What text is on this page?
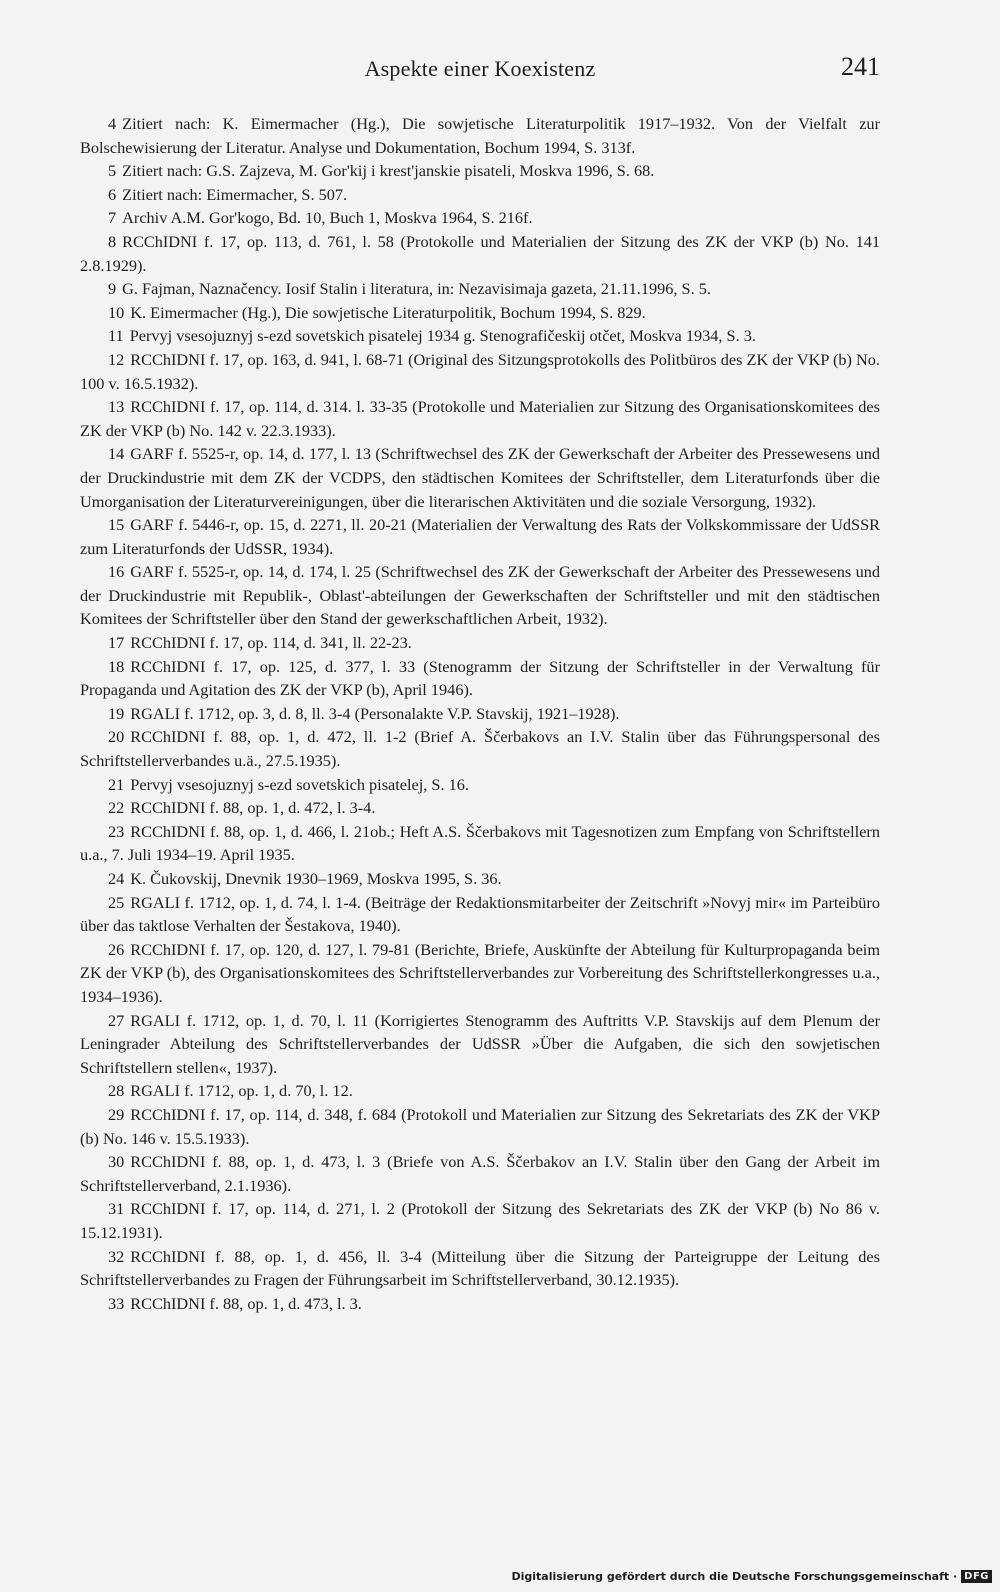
Aspekte einer Koexistenz	241

4 Zitiert nach: K. Eimermacher (Hg.), Die sowjetische Literaturpolitik 1917–1932. Von der Vielfalt zur Bolschewisierung der Literatur. Analyse und Dokumentation, Bochum 1994, S. 313f.

5 Zitiert nach: G.S. Zajzeva, M. Gor'kij i krest'janskie pisateli, Moskva 1996, S. 68.

6 Zitiert nach: Eimermacher, S. 507.

7 Archiv A.M. Gor'kogo, Bd. 10, Buch 1, Moskva 1964, S. 216f.

8 RCChIDNI f. 17, op. 113, d. 761, l. 58 (Protokolle und Materialien der Sitzung des ZK der VKP (b) No. 141 2.8.1929).

9 G. Fajman, Naznačency. Iosif Stalin i literatura, in: Nezavisimaja gazeta, 21.11.1996, S. 5.

10 K. Eimermacher (Hg.), Die sowjetische Literaturpolitik, Bochum 1994, S. 829.

11 Pervyj vsesojuznyj s-ezd sovetskich pisatelej 1934 g. Stenografičeskij otčet, Moskva 1934, S. 3.

12 RCChIDNI f. 17, op. 163, d. 941, l. 68-71 (Original des Sitzungsprotokolls des Politbüros des ZK der VKP (b) No. 100 v. 16.5.1932).

13 RCChIDNI f. 17, op. 114, d. 314. l. 33-35 (Protokolle und Materialien zur Sitzung des Organisationskomitees des ZK der VKP (b) No. 142 v. 22.3.1933).

14 GARF f. 5525-r, op. 14, d. 177, l. 13 (Schriftwechsel des ZK der Gewerkschaft der Arbeiter des Pressewesens und der Druckindustrie mit dem ZK der VCDPS, den städtischen Komitees der Schriftsteller, dem Literaturfonds über die Umorganisation der Literaturvereinigungen, über die literarischen Aktivitäten und die soziale Versorgung, 1932).

15 GARF f. 5446-r, op. 15, d. 2271, ll. 20-21 (Materialien der Verwaltung des Rats der Volkskommissare der UdSSR zum Literaturfonds der UdSSR, 1934).

16 GARF f. 5525-r, op. 14, d. 174, l. 25 (Schriftwechsel des ZK der Gewerkschaft der Arbeiter des Pressewesens und der Druckindustrie mit Republik-, Oblast'-abteilungen der Gewerkschaften der Schriftsteller und mit den städtischen Komitees der Schriftsteller über den Stand der gewerkschaftlichen Arbeit, 1932).

17 RCChIDNI f. 17, op. 114, d. 341, ll. 22-23.

18 RCChIDNI f. 17, op. 125, d. 377, l. 33 (Stenogramm der Sitzung der Schriftsteller in der Verwaltung für Propaganda und Agitation des ZK der VKP (b), April 1946).

19 RGALI f. 1712, op. 3, d. 8, ll. 3-4 (Personalakte V.P. Stavskij, 1921–1928).

20 RCChIDNI f. 88, op. 1, d. 472, ll. 1-2 (Brief A. Ščerbakovs an I.V. Stalin über das Führungspersonal des Schriftstellerverbandes u.ä., 27.5.1935).

21 Pervyj vsesojuznyj s-ezd sovetskich pisatelej, S. 16.

22 RCChIDNI f. 88, op. 1, d. 472, l. 3-4.

23 RCChIDNI f. 88, op. 1, d. 466, l. 21ob.; Heft A.S. Ščerbakovs mit Tagesnotizen zum Empfang von Schriftstellern u.a., 7. Juli 1934–19. April 1935.

24 K. Čukovskij, Dnevnik 1930–1969, Moskva 1995, S. 36.

25 RGALI f. 1712, op. 1, d. 74, l. 1-4. (Beiträge der Redaktionsmitarbeiter der Zeitschrift »Novyj mir« im Parteibüro über das taktlose Verhalten der Šestakova, 1940).

26 RCChIDNI f. 17, op. 120, d. 127, l. 79-81 (Berichte, Briefe, Auskünfte der Abteilung für Kulturpropaganda beim ZK der VKP (b), des Organisationskomitees des Schriftstellerverbandes zur Vorbereitung des Schriftstellerkongresses u.a., 1934–1936).

27 RGALI f. 1712, op. 1, d. 70, l. 11 (Korrigiertes Stenogramm des Auftritts V.P. Stavskijs auf dem Plenum der Leningrader Abteilung des Schriftstellerverbandes der UdSSR »Über die Aufgaben, die sich den sowjetischen Schriftstellern stellen«, 1937).

28 RGALI f. 1712, op. 1, d. 70, l. 12.

29 RCChIDNI f. 17, op. 114, d. 348, f. 684 (Protokoll und Materialien zur Sitzung des Sekretariats des ZK der VKP (b) No. 146 v. 15.5.1933).

30 RCChIDNI f. 88, op. 1, d. 473, l. 3 (Briefe von A.S. Ščerbakov an I.V. Stalin über den Gang der Arbeit im Schriftstellerverband, 2.1.1936).

31 RCChIDNI f. 17, op. 114, d. 271, l. 2 (Protokoll der Sitzung des Sekretariats des ZK der VKP (b) No 86 v. 15.12.1931).

32 RCChIDNI f. 88, op. 1, d. 456, ll. 3-4 (Mitteilung über die Sitzung der Parteigruppe der Leitung des Schriftstellerverbandes zu Fragen der Führungsarbeit im Schriftstellerverband, 30.12.1935).

33 RCChIDNI f. 88, op. 1, d. 473, l. 3.

Digitalisierung gefördert durch die Deutsche Forschungsgemeinschaft · DFG
